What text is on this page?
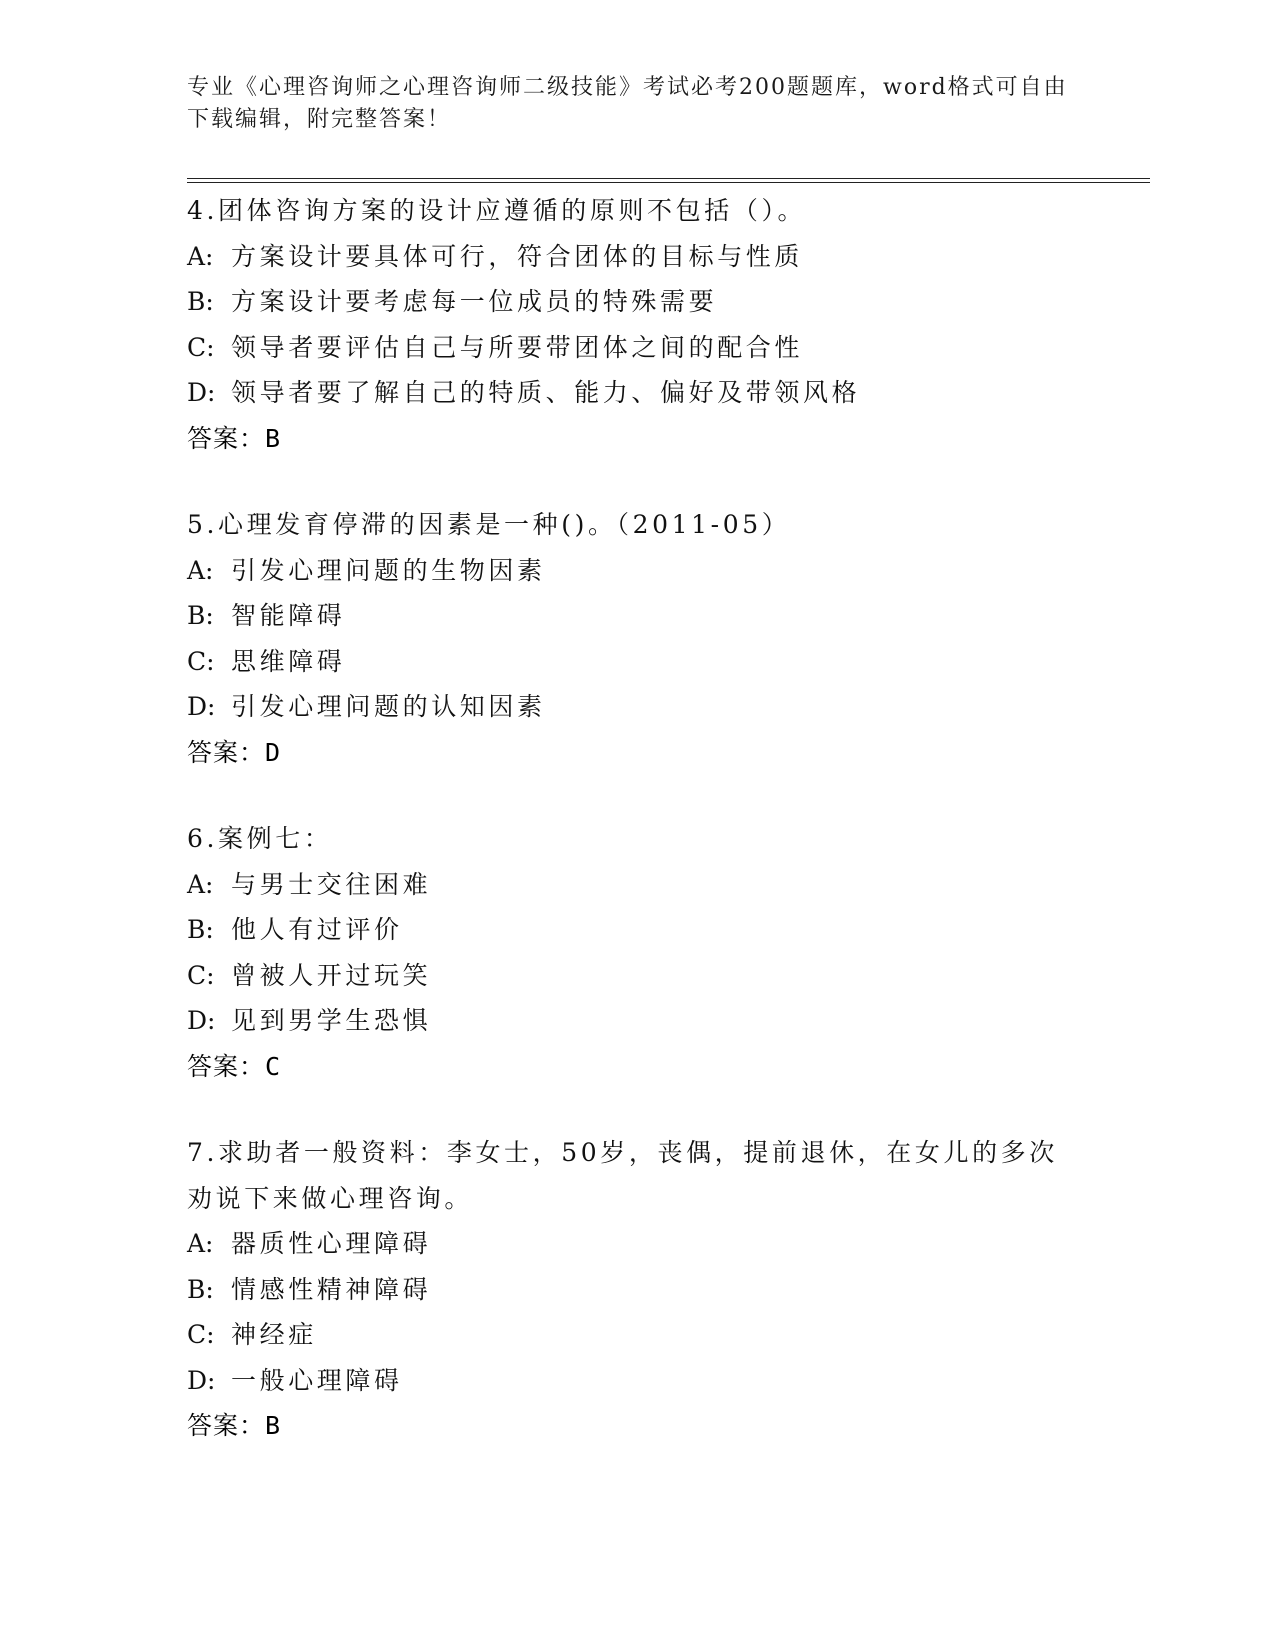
专业《心理咨询师之心理咨询师二级技能》考试必考200题题库，word格式可自由下载编辑，附完整答案！
4.团体咨询方案的设计应遵循的原则不包括（）。
A: 方案设计要具体可行，符合团体的目标与性质
B: 方案设计要考虑每一位成员的特殊需要
C: 领导者要评估自己与所要带团体之间的配合性
D: 领导者要了解自己的特质、能力、偏好及带领风格
答案：B
5.心理发育停滞的因素是一种()。（2011-05）
A: 引发心理问题的生物因素
B: 智能障碍
C: 思维障碍
D: 引发心理问题的认知因素
答案：D
6.案例七：
A: 与男士交往困难
B: 他人有过评价
C: 曾被人开过玩笑
D: 见到男学生恐惧
答案：C
7.求助者一般资料：李女士，50岁，丧偶，提前退休，在女儿的多次劝说下来做心理咨询。
A: 器质性心理障碍
B: 情感性精神障碍
C: 神经症
D: 一般心理障碍
答案：B
